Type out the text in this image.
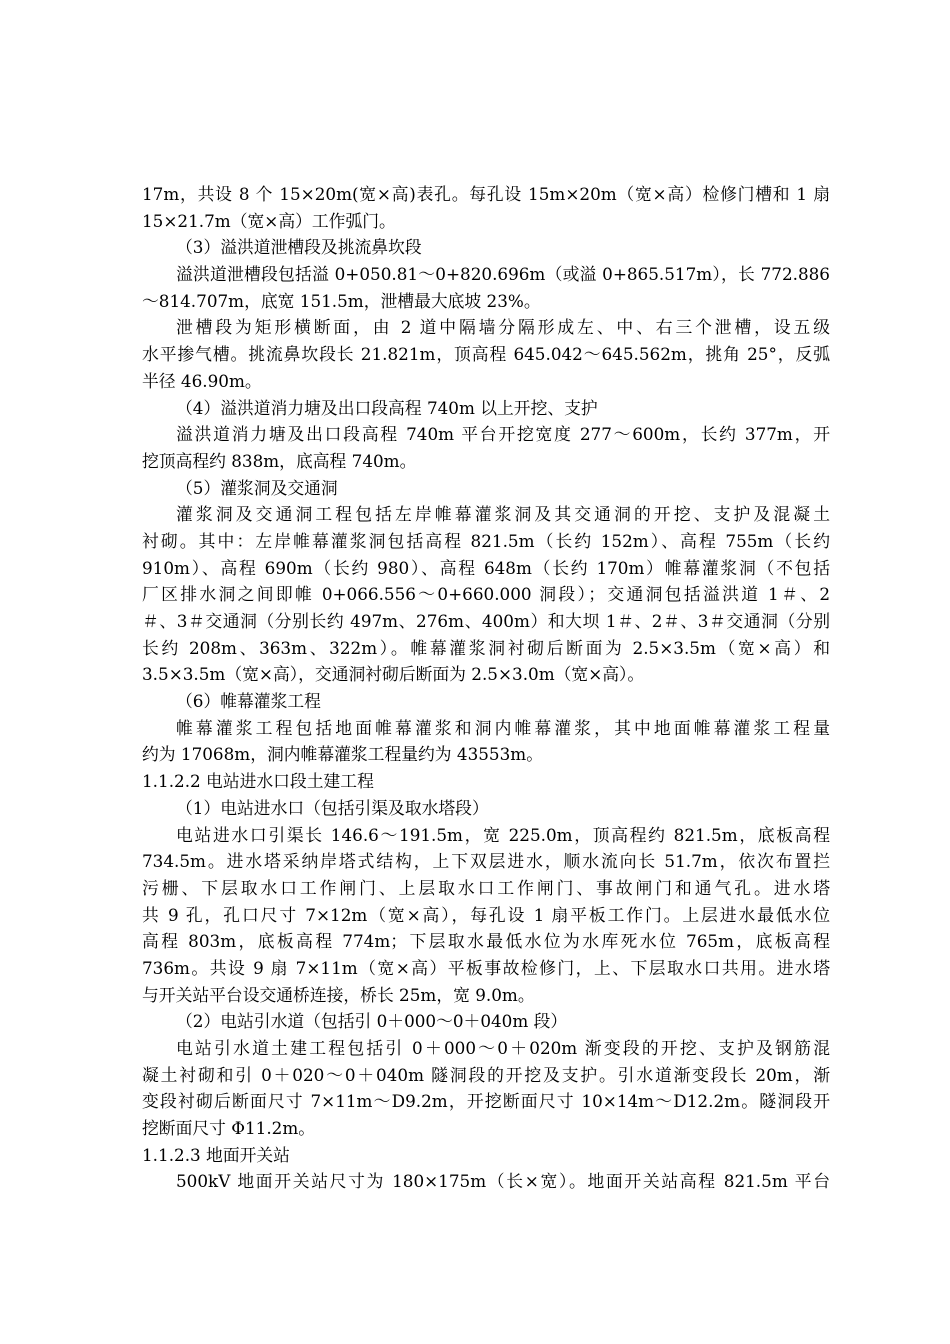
17m，共设 8 个 15×20m(宽×高)表孔。每孔设 15m×20m（宽×高）检修门槽和 1 扇
15×21.7m（宽×高）工作弧门。
（3）溢洪道泄槽段及挑流鼻坎段
溢洪道泄槽段包括溢 0+050.81～0+820.696m（或溢 0+865.517m），长 772.886
～814.707m，底宽 151.5m，泄槽最大底坡 23%。
泄槽段为矩形横断面，由 2 道中隔墙分隔形成左、中、右三个泄槽，设五级
水平掺气槽。挑流鼻坎段长 21.821m，顶高程 645.042～645.562m，挑角 25°，反弧
半径 46.90m。
（4）溢洪道消力塘及出口段高程 740m 以上开挖、支护
溢洪道消力塘及出口段高程 740m 平台开挖宽度 277～600m，长约 377m，开
挖顶高程约 838m，底高程 740m。
（5）灌浆洞及交通洞
灌浆洞及交通洞工程包括左岸帷幕灌浆洞及其交通洞的开挖、支护及混凝土
衬砌。其中：左岸帷幕灌浆洞包括高程 821.5m（长约 152m）、高程 755m（长约
910m）、高程 690m（长约 980）、高程 648m（长约 170m）帷幕灌浆洞（不包括
厂区排水洞之间即帷 0+066.556～0+660.000 洞段）；交通洞包括溢洪道 1＃、2
＃、3＃交通洞（分别长约 497m、276m、400m）和大坝 1＃、2＃、3＃交通洞（分别
长约 208m、363m、322m）。帷幕灌浆洞衬砌后断面为 2.5×3.5m（宽×高）和
3.5×3.5m（宽×高），交通洞衬砌后断面为 2.5×3.0m（宽×高）。
（6）帷幕灌浆工程
帷幕灌浆工程包括地面帷幕灌浆和洞内帷幕灌浆，其中地面帷幕灌浆工程量
约为 17068m，洞内帷幕灌浆工程量约为 43553m。
1.1.2.2 电站进水口段土建工程
（1）电站进水口（包括引渠及取水塔段）
电站进水口引渠长 146.6～191.5m，宽 225.0m，顶高程约 821.5m，底板高程
734.5m。进水塔采纳岸塔式结构，上下双层进水，顺水流向长 51.7m，依次布置拦
污栅、下层取水口工作闸门、上层取水口工作闸门、事故闸门和通气孔。进水塔
共 9 孔，孔口尺寸 7×12m（宽×高），每孔设 1 扇平板工作门。上层进水最低水位
高程 803m，底板高程 774m；下层取水最低水位为水库死水位 765m，底板高程
736m。共设 9 扇 7×11m（宽×高）平板事故检修门，上、下层取水口共用。进水塔
与开关站平台设交通桥连接，桥长 25m，宽 9.0m。
（2）电站引水道（包括引 0＋000～0＋040m 段）
电站引水道土建工程包括引 0＋000～0＋020m 渐变段的开挖、支护及钢筋混
凝土衬砌和引 0＋020～0＋040m 隧洞段的开挖及支护。引水道渐变段长 20m，渐
变段衬砌后断面尺寸 7×11m～D9.2m，开挖断面尺寸 10×14m～D12.2m。隧洞段开
挖断面尺寸 Φ11.2m。
1.1.2.3 地面开关站
500kV 地面开关站尺寸为 180×175m（长×宽）。地面开关站高程 821.5m 平台
